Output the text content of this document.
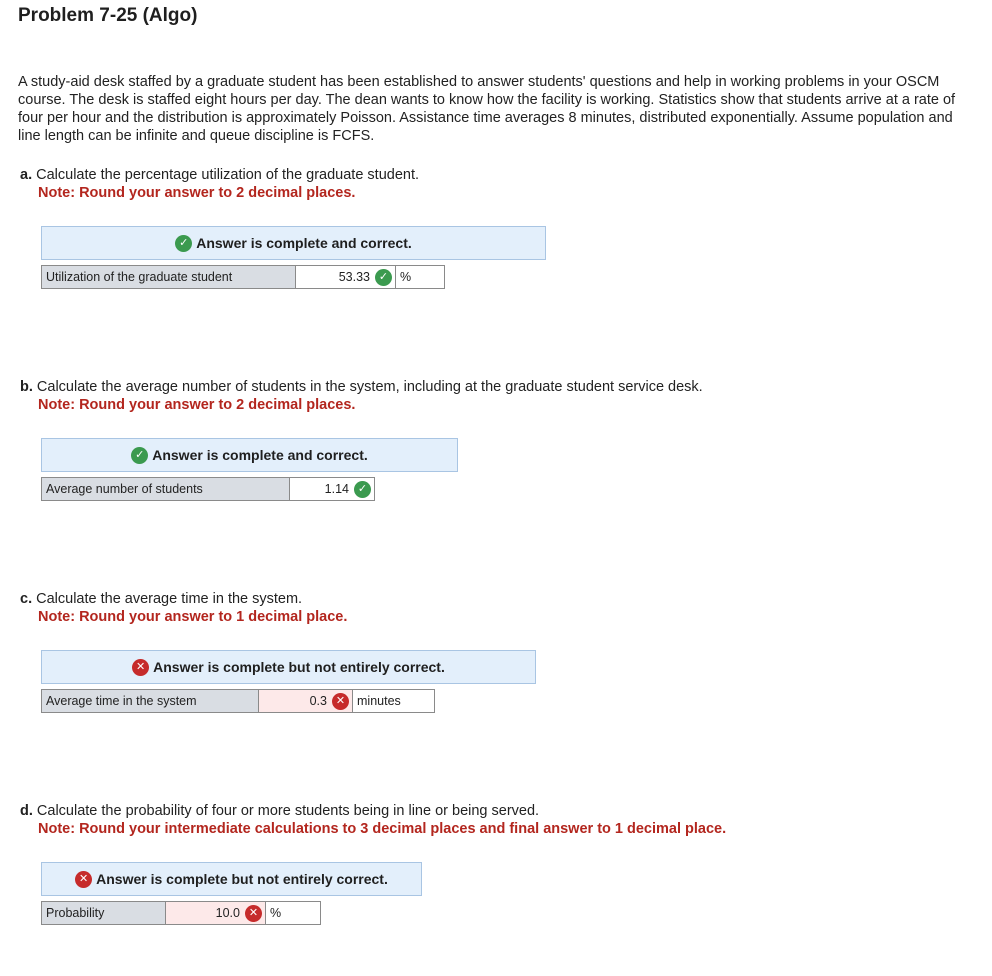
Problem 7-25 (Algo)

A study-aid desk staffed by a graduate student has been established to answer students' questions and help in working problems in your OSCM course. The desk is staffed eight hours per day. The dean wants to know how the facility is working. Statistics show that students arrive at a rate of four per hour and the distribution is approximately Poisson. Assistance time averages 8 minutes, distributed exponentially. Assume population and line length can be infinite and queue discipline is FCFS.

a. Calculate the percentage utilization of the graduate student.
Note: Round your answer to 2 decimal places.
✓ Answer is complete and correct.
Utilization of the graduate student	53.33 ✓ %
b. Calculate the average number of students in the system, including at the graduate student service desk.
Note: Round your answer to 2 decimal places.
✓ Answer is complete and correct.
Average number of students	1.14 ✓
c. Calculate the average time in the system.
Note: Round your answer to 1 decimal place.
✕ Answer is complete but not entirely correct.
Average time in the system	0.3 ✕ minutes
d. Calculate the probability of four or more students being in line or being served.
Note: Round your intermediate calculations to 3 decimal places and final answer to 1 decimal place.
✕ Answer is complete but not entirely correct.
Probability	10.0 ✕ %
